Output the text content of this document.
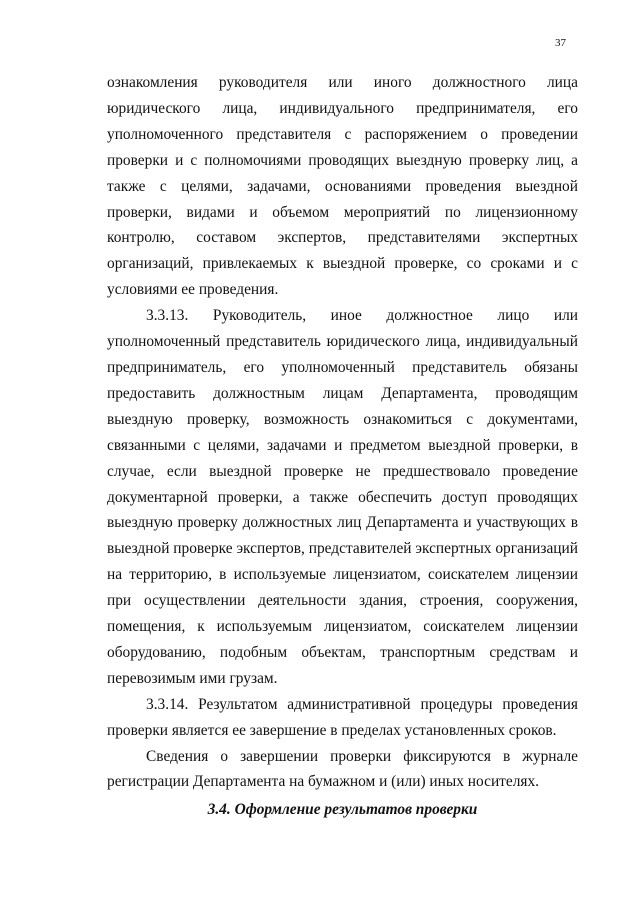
37

ознакомления руководителя или иного должностного лица юридического лица, индивидуального предпринимателя, его уполномоченного представителя с распоряжением о проведении проверки и с полномочиями проводящих выездную проверку лиц, а также с целями, задачами, основаниями проведения выездной проверки, видами и объемом мероприятий по лицензионному контролю, составом экспертов, представителями экспертных организаций, привлекаемых к выездной проверке, со сроками и с условиями ее проведения.

3.3.13. Руководитель, иное должностное лицо или уполномоченный представитель юридического лица, индивидуальный предприниматель, его уполномоченный представитель обязаны предоставить должностным лицам Департамента, проводящим выездную проверку, возможность ознакомиться с документами, связанными с целями, задачами и предметом выездной проверки, в случае, если выездной проверке не предшествовало проведение документарной проверки, а также обеспечить доступ проводящих выездную проверку должностных лиц Департамента и участвующих в выездной проверке экспертов, представителей экспертных организаций на территорию, в используемые лицензиатом, соискателем лицензии при осуществлении деятельности здания, строения, сооружения, помещения, к используемым лицензиатом, соискателем лицензии оборудованию, подобным объектам, транспортным средствам и перевозимым ими грузам.

3.3.14. Результатом административной процедуры проведения проверки является ее завершение в пределах установленных сроков.

Сведения о завершении проверки фиксируются в журнале регистрации Департамента на бумажном и (или) иных носителях.

3.4. Оформление результатов проверки
